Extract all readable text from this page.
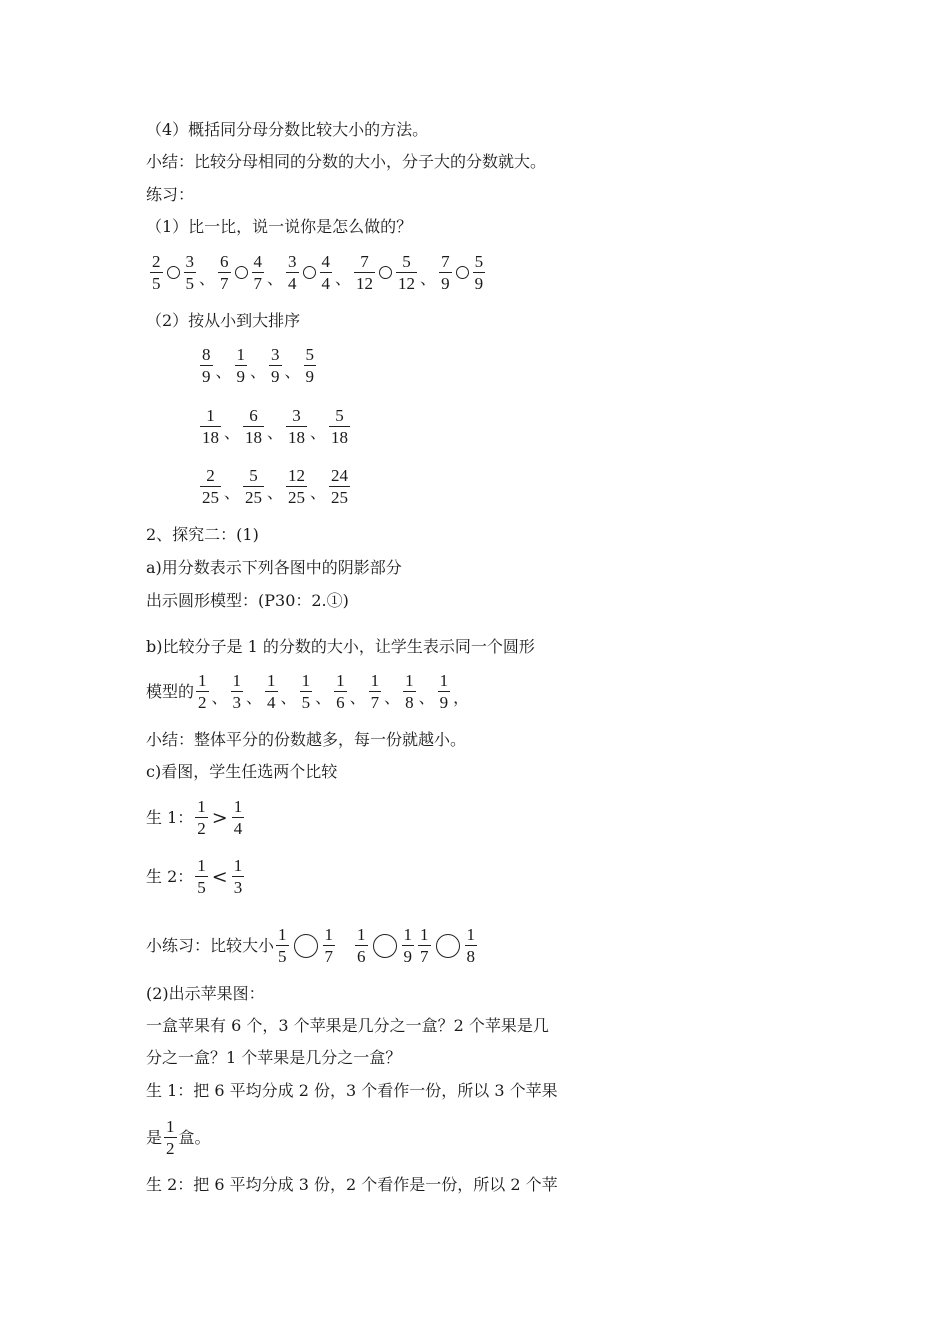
（4）概括同分母分数比较大小的方法。
小结：比较分母相同的分数的大小，分子大的分数就大。
练习：
（1）比一比，说一说你是怎么做的？
$\frac{2}{5} \frac{3}{5}$ 、 $\frac{6}{7} \frac{4}{7}$ 、 $\frac{3}{4} \frac{4}{4}$ 、 $\frac{7}{12} \frac{5}{12}$ 、 $\frac{7}{9} \frac{5}{9}$
（2）按从小到大排序
$\frac{8}{9}$ 、 $\frac{1}{9}$ 、 $\frac{3}{9}$ 、 $\frac{5}{9}$
$\frac{1}{18}$ 、 $\frac{6}{18}$ 、 $\frac{3}{18}$ 、 $\frac{5}{18}$
$\frac{2}{25}$ 、 $\frac{5}{25}$ 、 $\frac{12}{25}$ 、 $\frac{24}{25}$
2、探究二：(1)
a)用分数表示下列各图中的阴影部分
出示圆形模型：(P30：2.①)
b)比较分子是 1 的分数的大小，让学生表示同一个圆形
模型的 $\frac{1}{2}$ 、 $\frac{1}{3}$ 、 $\frac{1}{4}$ 、 $\frac{1}{5}$ 、 $\frac{1}{6}$ 、 $\frac{1}{7}$ 、 $\frac{1}{8}$ 、 $\frac{1}{9}$ ，
小结：整体平分的份数越多，每一份就越小。
c)看图，学生任选两个比较
生 1： $\frac{1}{2} > \frac{1}{4}$
生 2： $\frac{1}{5} < \frac{1}{3}$
小练习：比较大小 $\frac{1}{5} \frac{1}{7} \frac{1}{6} \frac{1}{9} \frac{1}{7} \frac{1}{8}$
(2)出示苹果图：
一盒苹果有 6 个，3 个苹果是几分之一盒？2 个苹果是几
分之一盒？1 个苹果是几分之一盒？
生 1：把 6 平均分成 2 份，3 个看作一份，所以 3 个苹果
是 $\frac{1}{2}$ 盒。
生 2：把 6 平均分成 3 份，2 个看作是一份，所以 2 个苹
